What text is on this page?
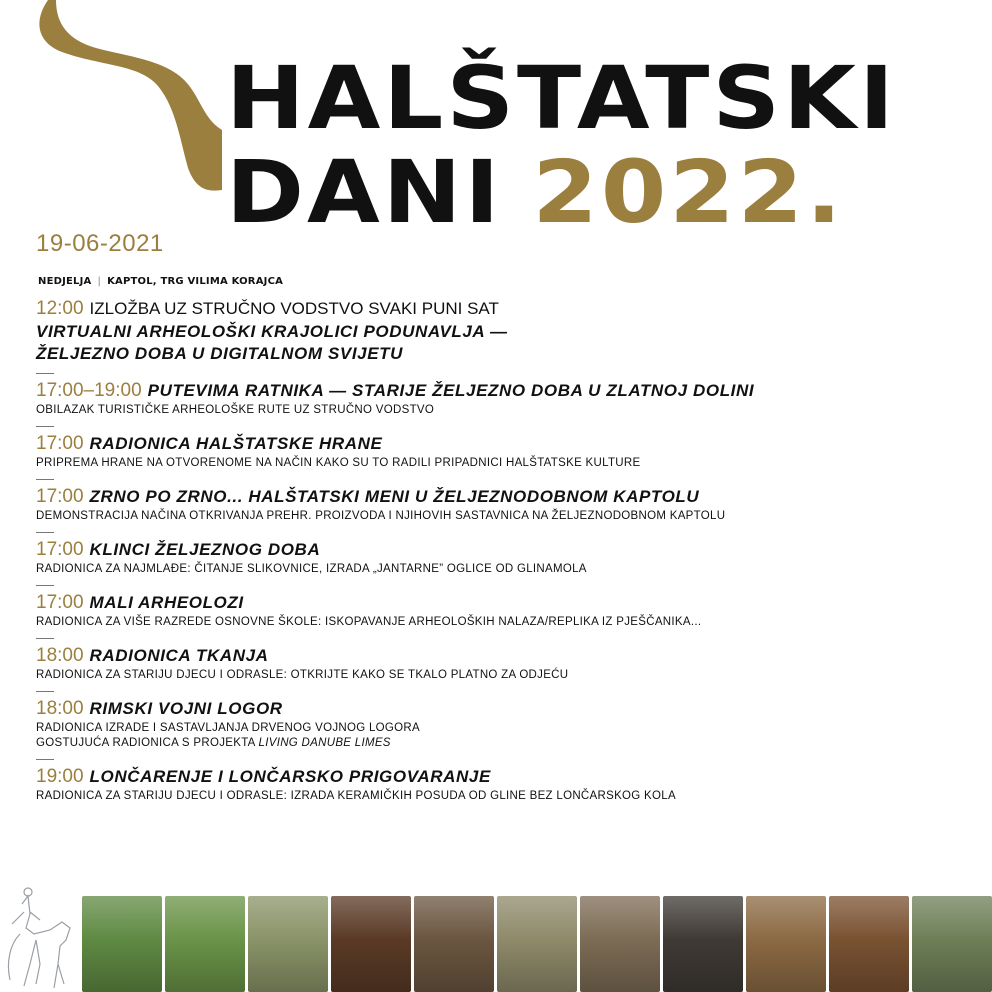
HALŠTATSKI
DANI 2022.
19-06-2021
NEDJELJA | KAPTOL, TRG VILIMA KORAJCA
12:00 IZLOŽBA UZ STRUČNO VODSTVO SVAKI PUNI SAT
VIRTUALNI ARHEOLOŠKI KRAJOLICI PODUNAVLJA —
ŽELJEZNO DOBA U DIGITALNOM SVIJETU
17:00–19:00 PUTEVIMA RATNIKA — STARIJE ŽELJEZNO DOBA U ZLATNOJ DOLINI
OBILAZAK TURISTIČKE ARHEOLOŠKE RUTE UZ STRUČNO VODSTVO
17:00 RADIONICA HALŠTATSKE HRANE
PRIPREMA HRANE NA OTVORENOME NA NAČIN KAKO SU TO RADILI PRIPADNICI HALŠTATSKE KULTURE
17:00 ZRNO PO ZRNO... HALŠTATSKI MENI U ŽELJEZNODOBNOM KAPTOLU
DEMONSTRACIJA NAČINA OTKRIVANJA PREHR. PROIZVODA I NJIHOVIH SASTAVNICA NA ŽELJEZNODOBNOM KAPTOLU
17:00 KLINCI ŽELJEZNOG DOBA
RADIONICA ZA NAJMLAĐE: ČITANJE SLIKOVNICE, IZRADA „JANTARNE” OGLICE OD GLINAMOLA
17:00 MALI ARHEOLOZI
RADIONICA ZA VIŠE RAZREDE OSNOVNE ŠKOLE: ISKOPAVANJE ARHEOLOŠKIH NALAZA/REPLIKA IZ PJEŠČANIKA...
18:00 RADIONICA TKANJA
RADIONICA ZA STARIJU DJECU I ODRASLE: OTKRIJTE KAKO SE TKALO PLATNO ZA ODJEĆU
18:00 RIMSKI VOJNI LOGOR
RADIONICA IZRADE I SASTAVLJANJA DRVENOG VOJNOG LOGORA
GOSTUJUĆA RADIONICA S PROJEKTA LIVING DANUBE LIMES
19:00 LONČARENJE I LONČARSKO PRIGOVARANJE
RADIONICA ZA STARIJU DJECU I ODRASLE: IZRADA KERAMIČKIH POSUDA OD GLINE BEZ LONČARSKOG KOLA
